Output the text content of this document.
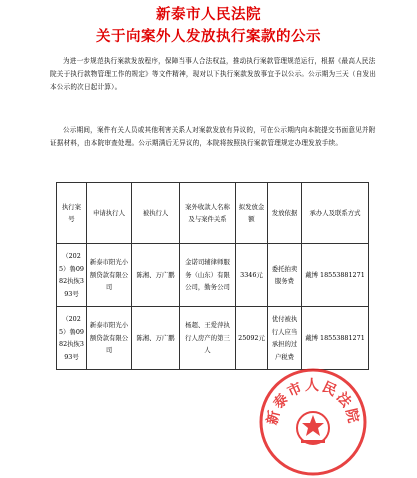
新泰市人民法院
关于向案外人发放执行案款的公示
为进一步规范执行案款发放程序，保障当事人合法权益，推动执行案款管理规范运行，根据《最高人民法院关于执行款物管理工作的规定》等文件精神，现对以下执行案款发放事宜予以公示。公示期为三天（自发出本公示的次日起计算）。
公示期间，案件有关人员或其他利害关系人对案款发放有异议的，可在公示期内向本院提交书面意见并附证据材料，由本院审查处理。公示期满后无异议的，本院将按照执行案款管理规定办理发放手续。
执行案号	申请执行人	被执行人	案外收款人名称及与案件关系	拟发放金额	发放依据	承办人及联系方式
（2025）鲁0982执恢393号	新泰市阳光小额贷款有限公司	陈湘、万广鹏	金诺司辅律师服务（山东）有限公司，勤务公司	3346元	委托拍卖服务费	戴博 18553881271
（2025）鲁0982执恢393号	新泰市阳光小额贷款有限公司	陈湘、万广鹏	杨超、王爱萍执行人房产的第三人	25092元	优付被执行人应当承担的过户税费	戴博 18553881271
新泰市人民法院
